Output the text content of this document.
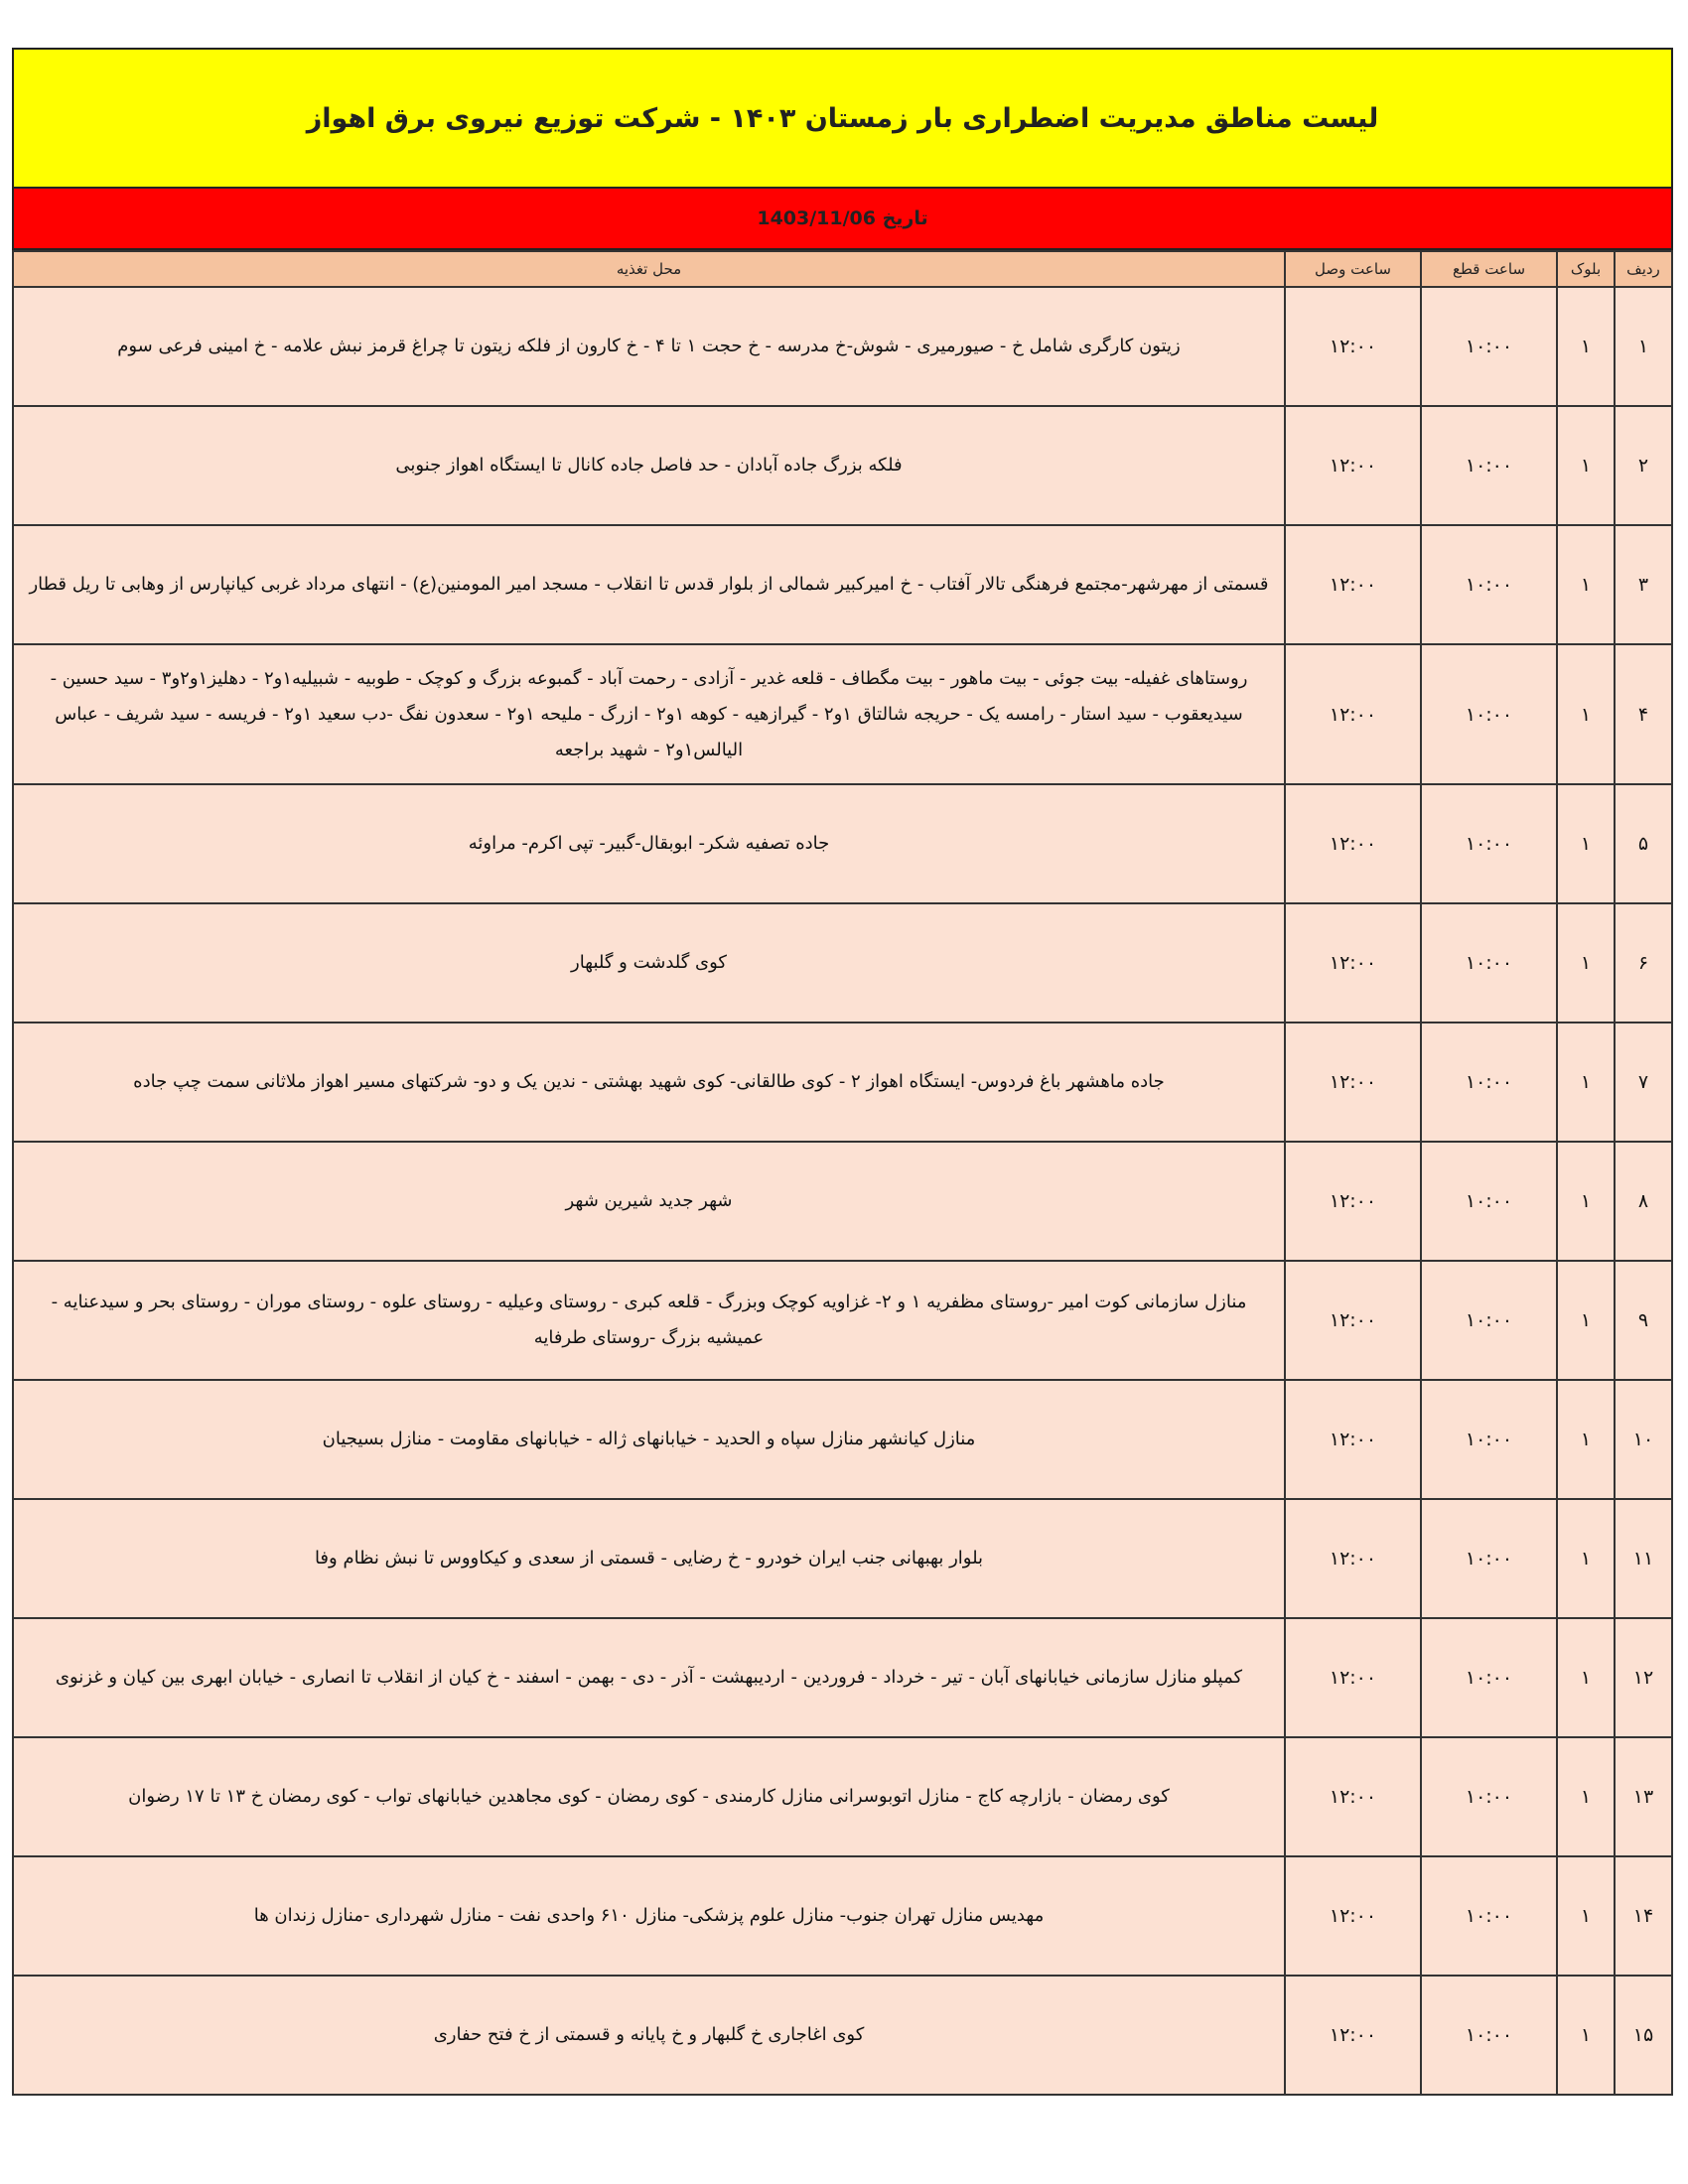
لیست مناطق مدیریت اضطراری بار زمستان ۱۴۰۳ - شرکت توزیع نیروی برق اهواز
تاریخ 1403/11/06
ردیف	بلوک	ساعت قطع	ساعت وصل	محل تغذیه
۱	۱	۱۰:۰۰	۱۲:۰۰	زیتون کارگری شامل خ - صیورمیری - شوش-خ مدرسه - خ حجت ۱ تا ۴ - خ کارون از فلکه زیتون تا چراغ قرمز نبش علامه - خ امینی فرعی سوم
۲	۱	۱۰:۰۰	۱۲:۰۰	فلکه بزرگ جاده آبادان - حد فاصل جاده کانال تا ایستگاه اهواز جنوبی
۳	۱	۱۰:۰۰	۱۲:۰۰	قسمتی از مهرشهر-مجتمع فرهنگی تالار آفتاب - خ امیرکبیر شمالی از بلوار قدس تا انقلاب - مسجد امیر المومنین(ع) - انتهای مرداد غربی کیانپارس از وهابی تا ریل قطار
۴	۱	۱۰:۰۰	۱۲:۰۰	روستاهای غفیله- بیت جوئی - بیت ماهور - بیت مگطاف - قلعه غدیر - آزادی - رحمت آباد - گمبوعه بزرگ و کوچک - طوبیه - شبیلیه۱و۲ - دهلیز۱و۲و۳ - سید حسین - سیدیعقوب - سید استار - رامسه یک - حریجه شالتاق ۱و۲ - گیرازهیه - کوهه ۱و۲ - ازرگ - ملیحه ۱و۲ - سعدون نفگ -دب سعید ۱و۲ - فریسه - سید شریف - عباس الیالس۱و۲ - شهید براجعه
۵	۱	۱۰:۰۰	۱۲:۰۰	جاده تصفیه شکر- ابوبقال-گبیر- تپی اکرم- مراوئه
۶	۱	۱۰:۰۰	۱۲:۰۰	کوی گلدشت و گلبهار
۷	۱	۱۰:۰۰	۱۲:۰۰	جاده ماهشهر باغ فردوس- ایستگاه اهواز ۲ - کوی طالقانی- کوی شهید بهشتی - ندین یک و دو- شرکتهای مسیر اهواز ملاثانی سمت چپ جاده
۸	۱	۱۰:۰۰	۱۲:۰۰	شهر جدید شیرین شهر
۹	۱	۱۰:۰۰	۱۲:۰۰	منازل سازمانی کوت امیر -روستای مظفریه ۱ و ۲- غزاویه کوچک وبزرگ - قلعه کبری - روستای وعیلیه - روستای علوه - روستای موران - روستای بحر و سیدعنایه - عمیشیه بزرگ -روستای طرفایه
۱۰	۱	۱۰:۰۰	۱۲:۰۰	منازل کیانشهر منازل سپاه و الحدید - خیابانهای ژاله - خیابانهای مقاومت - منازل بسیجیان
۱۱	۱	۱۰:۰۰	۱۲:۰۰	بلوار بهبهانی جنب ایران خودرو - خ رضایی - قسمتی از سعدی و کیکاووس تا نبش نظام وفا
۱۲	۱	۱۰:۰۰	۱۲:۰۰	کمپلو منازل سازمانی خیابانهای آبان - تیر - خرداد - فروردین - اردیبهشت - آذر - دی - بهمن - اسفند - خ کیان از انقلاب تا انصاری - خیابان ابهری بین کیان و غزنوی
۱۳	۱	۱۰:۰۰	۱۲:۰۰	کوی رمضان - بازارچه کاج - منازل اتوبوسرانی منازل کارمندی - کوی رمضان - کوی مجاهدین خیابانهای تواب - کوی رمضان خ ۱۳ تا ۱۷ رضوان
۱۴	۱	۱۰:۰۰	۱۲:۰۰	مهدیس منازل تهران جنوب- منازل علوم پزشکی- منازل ۶۱۰ واحدی نفت - منازل شهرداری -منازل زندان ها
۱۵	۱	۱۰:۰۰	۱۲:۰۰	کوی اغاجاری خ گلبهار و خ پایانه و قسمتی از خ فتح حفاری
